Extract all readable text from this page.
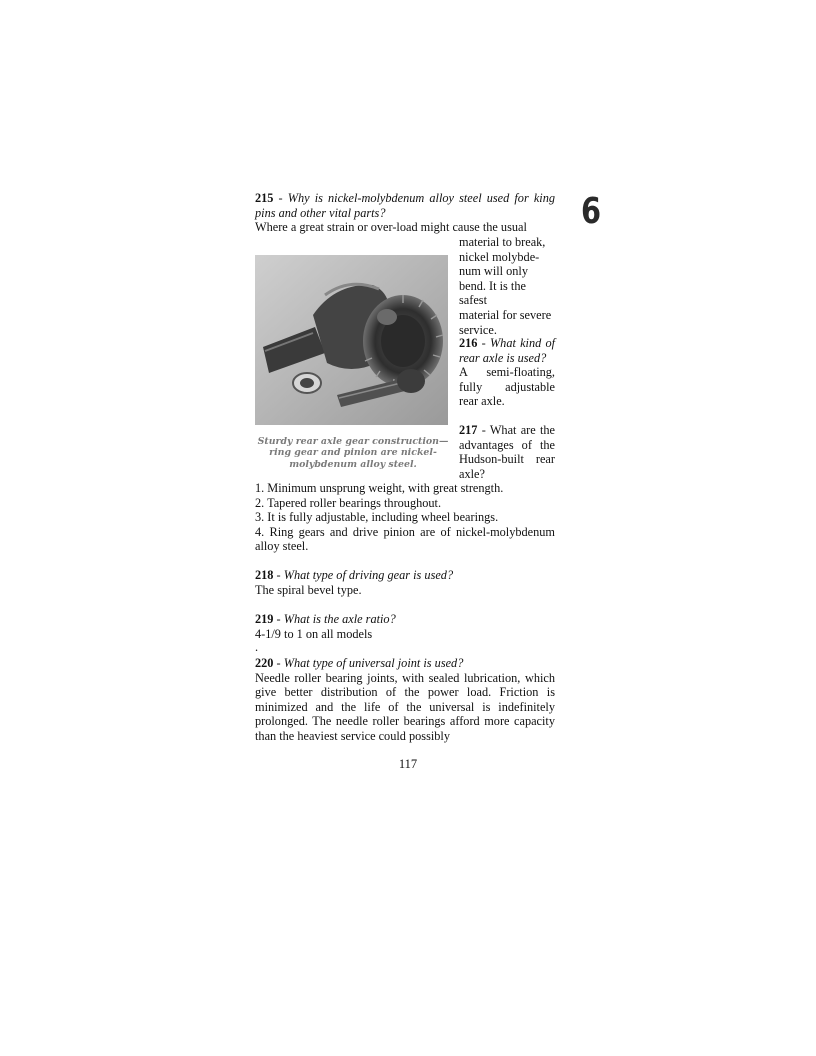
6

215 - Why is nickel-molybdenum alloy steel used for king pins and other vital parts?

Where a great strain or over-load might cause the usual

material to break,

nickel molybde-

num will only

bend. It is the safest

material for severe

service.

Sturdy rear axle gear construction—ring gear and pinion are nickel-molybdenum alloy steel.

216 - What kind of rear axle is used?

A semi-floating, fully adjustable rear axle.

217 - What are the advantages of the Hudson-built rear axle?

1. Minimum unsprung weight, with great strength.

2. Tapered roller bearings throughout.

3. It is fully adjustable, including wheel bearings.

4. Ring gears and drive pinion are of nickel-molybdenum alloy steel.

218 - What type of driving gear is used?

The spiral bevel type.

219 - What is the axle ratio?

4-1/9 to 1 on all models

.

220 - What type of universal joint is used?

Needle roller bearing joints, with sealed lubrication, which give better distribution of the power load. Friction is minimized and the life of the universal is indefinitely prolonged. The needle roller bearings afford more capacity than the heaviest service could possibly

117
